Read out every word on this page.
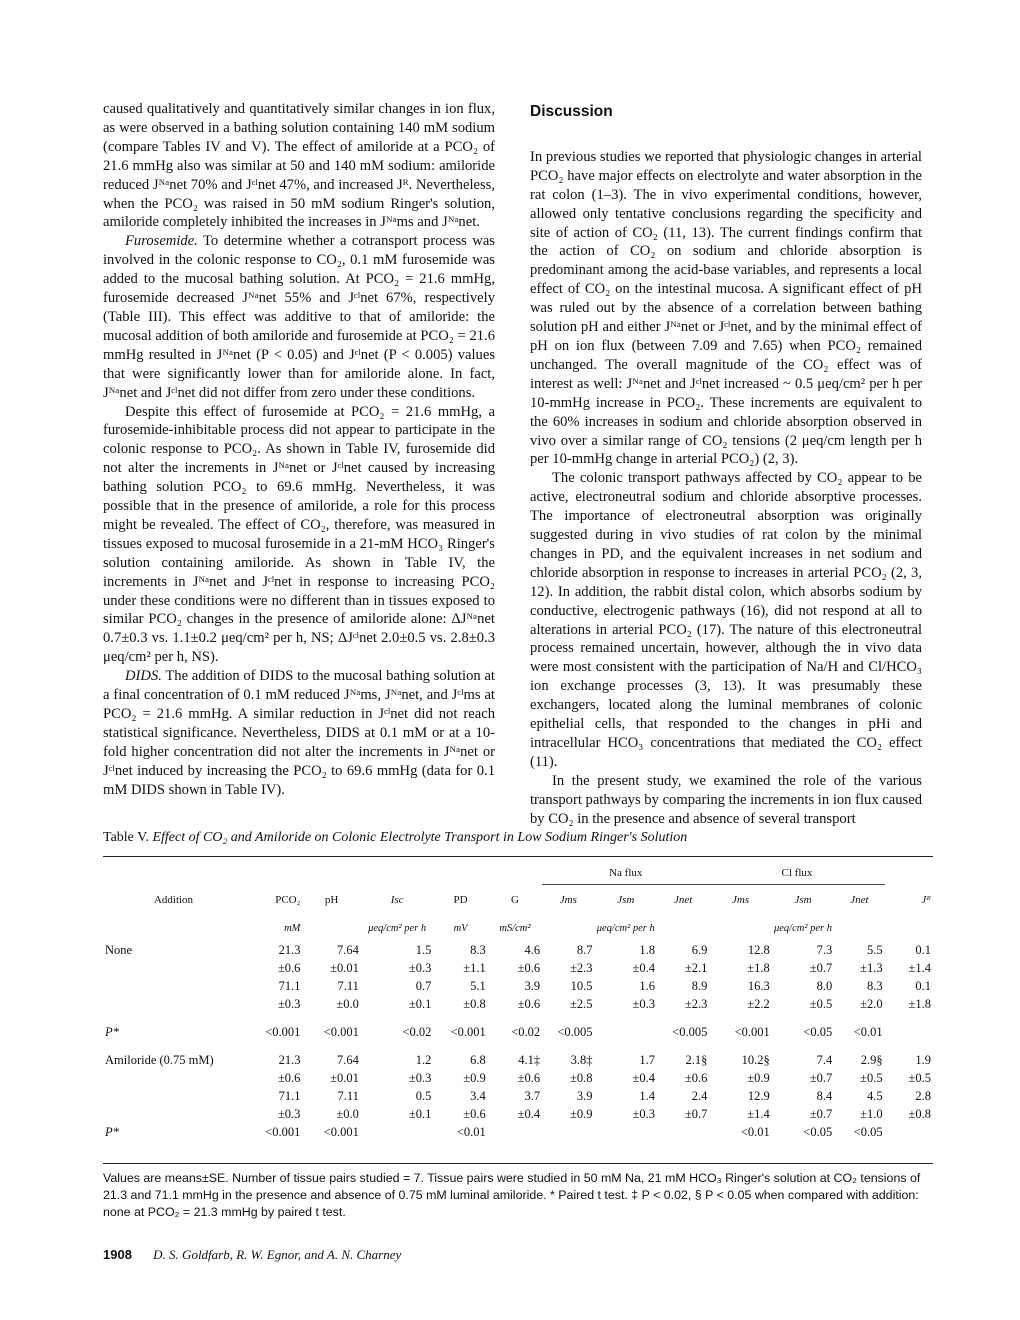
caused qualitatively and quantitatively similar changes in ion flux, as were observed in a bathing solution containing 140 mM sodium (compare Tables IV and V). The effect of amiloride at a PCO₂ of 21.6 mmHg also was similar at 50 and 140 mM sodium: amiloride reduced Jᴺᵃnet 70% and Jᶜˡnet 47%, and increased Jᴿ. Nevertheless, when the PCO₂ was raised in 50 mM sodium Ringer's solution, amiloride completely inhibited the increases in Jᴺᵃms and Jᴺᵃnet.

Furosemide. To determine whether a cotransport process was involved in the colonic response to CO₂, 0.1 mM furosemide was added to the mucosal bathing solution. At PCO₂ = 21.6 mmHg, furosemide decreased Jᴺᵃnet 55% and Jᶜˡnet 67%, respectively (Table III). This effect was additive to that of amiloride: the mucosal addition of both amiloride and furosemide at PCO₂ = 21.6 mmHg resulted in Jᴺᵃnet (P < 0.05) and Jᶜˡnet (P < 0.005) values that were significantly lower than for amiloride alone. In fact, Jᴺᵃnet and Jᶜˡnet did not differ from zero under these conditions.

Despite this effect of furosemide at PCO₂ = 21.6 mmHg, a furosemide-inhibitable process did not appear to participate in the colonic response to PCO₂. As shown in Table IV, furosemide did not alter the increments in Jᴺᵃnet or Jᶜˡnet caused by increasing bathing solution PCO₂ to 69.6 mmHg. Nevertheless, it was possible that in the presence of amiloride, a role for this process might be revealed. The effect of CO₂, therefore, was measured in tissues exposed to mucosal furosemide in a 21-mM HCO₃ Ringer's solution containing amiloride. As shown in Table IV, the increments in Jᴺᵃnet and Jᶜˡnet in response to increasing PCO₂ under these conditions were no different than in tissues exposed to similar PCO₂ changes in the presence of amiloride alone: ΔJᴺᵃnet 0.7±0.3 vs. 1.1±0.2 μeq/cm² per h, NS; ΔJᶜˡnet 2.0±0.5 vs. 2.8±0.3 μeq/cm² per h, NS).

DIDS. The addition of DIDS to the mucosal bathing solution at a final concentration of 0.1 mM reduced Jᴺᵃms, Jᴺᵃnet, and Jᶜˡms at PCO₂ = 21.6 mmHg. A similar reduction in Jᶜˡnet did not reach statistical significance. Nevertheless, DIDS at 0.1 mM or at a 10-fold higher concentration did not alter the increments in Jᴺᵃnet or Jᶜˡnet induced by increasing the PCO₂ to 69.6 mmHg (data for 0.1 mM DIDS shown in Table IV).

Discussion

In previous studies we reported that physiologic changes in arterial PCO₂ have major effects on electrolyte and water absorption in the rat colon (1–3). The in vivo experimental conditions, however, allowed only tentative conclusions regarding the specificity and site of action of CO₂ (11, 13). The current findings confirm that the action of CO₂ on sodium and chloride absorption is predominant among the acid-base variables, and represents a local effect of CO₂ on the intestinal mucosa. A significant effect of pH was ruled out by the absence of a correlation between bathing solution pH and either Jᴺᵃnet or Jᶜˡnet, and by the minimal effect of pH on ion flux (between 7.09 and 7.65) when PCO₂ remained unchanged. The overall magnitude of the CO₂ effect was of interest as well: Jᴺᵃnet and Jᶜˡnet increased ~ 0.5 μeq/cm² per h per 10-mmHg increase in PCO₂. These increments are equivalent to the 60% increases in sodium and chloride absorption observed in vivo over a similar range of CO₂ tensions (2 μeq/cm length per h per 10-mmHg change in arterial PCO₂) (2, 3).

The colonic transport pathways affected by CO₂ appear to be active, electroneutral sodium and chloride absorptive processes. The importance of electroneutral absorption was originally suggested during in vivo studies of rat colon by the minimal changes in PD, and the equivalent increases in net sodium and chloride absorption in response to increases in arterial PCO₂ (2, 3, 12). In addition, the rabbit distal colon, which absorbs sodium by conductive, electrogenic pathways (16), did not respond at all to alterations in arterial PCO₂ (17). The nature of this electroneutral process remained uncertain, however, although the in vivo data were most consistent with the participation of Na/H and Cl/HCO₃ ion exchange processes (3, 13). It was presumably these exchangers, located along the luminal membranes of colonic epithelial cells, that responded to the changes in pHi and intracellular HCO₃ concentrations that mediated the CO₂ effect (11).

In the present study, we examined the role of the various transport pathways by comparing the increments in ion flux caused by CO₂ in the presence and absence of several transport

Table V. Effect of CO₂ and Amiloride on Colonic Electrolyte Transport in Low Sodium Ringer's Solution
						Na flux			Cl flux			
Addition	PCO₂	pH	Isc	PD	G	Jms	Jsm	Jnet	Jms	Jsm	Jnet	Jᴿ
	mM		μeq/cm² per h	mV	mS/cm²		μeq/cm² per h			μeq/cm² per h		
None	21.3	7.64	1.5	8.3	4.6	8.7	1.8	6.9	12.8	7.3	5.5	0.1
	±0.6	±0.01	±0.3	±1.1	±0.6	±2.3	±0.4	±2.1	±1.8	±0.7	±1.3	±1.4
	71.1	7.11	0.7	5.1	3.9	10.5	1.6	8.9	16.3	8.0	8.3	0.1
	±0.3	±0.0	±0.1	±0.8	±0.6	±2.5	±0.3	±2.3	±2.2	±0.5	±2.0	±1.8

P*	<0.001	<0.001	<0.02	<0.001	<0.02	<0.005		<0.005	<0.001	<0.05	<0.01	

Amiloride (0.75 mM)	21.3	7.64	1.2	6.8	4.1‡	3.8‡	1.7	2.1§	10.2§	7.4	2.9§	1.9
	±0.6	±0.01	±0.3	±0.9	±0.6	±0.8	±0.4	±0.6	±0.9	±0.7	±0.5	±0.5
	71.1	7.11	0.5	3.4	3.7	3.9	1.4	2.4	12.9	8.4	4.5	2.8
	±0.3	±0.0	±0.1	±0.6	±0.4	±0.9	±0.3	±0.7	±1.4	±0.7	±1.0	±0.8
P*	<0.001	<0.001		<0.01					<0.01	<0.05	<0.05	
Values are means±SE. Number of tissue pairs studied = 7. Tissue pairs were studied in 50 mM Na, 21 mM HCO₃ Ringer's solution at CO₂ tensions of 21.3 and 71.1 mmHg in the presence and absence of 0.75 mM luminal amiloride. * Paired t test. ‡ P < 0.02, § P < 0.05 when compared with addition: none at PCO₂ = 21.3 mmHg by paired t test.
1908 D. S. Goldfarb, R. W. Egnor, and A. N. Charney
